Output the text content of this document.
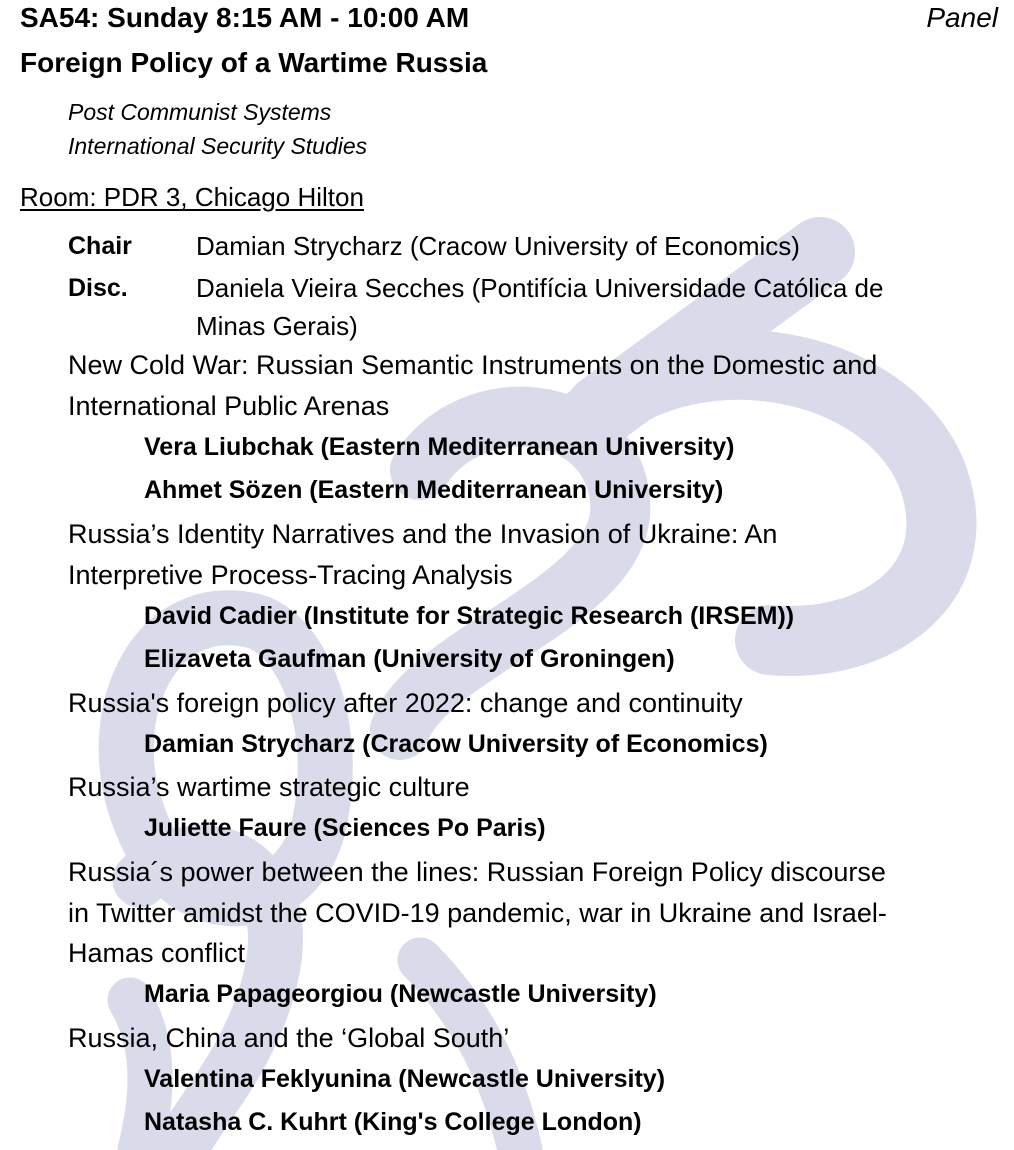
SA54: Sunday 8:15 AM - 10:00 AM	Panel
Foreign Policy of a Wartime Russia
Post Communist Systems
International Security Studies
Room: PDR 3, Chicago Hilton
Chair Damian Strycharz (Cracow University of Economics)
Disc.	Daniela Vieira Secches (Pontifícia Universidade Católica de
Minas Gerais)
New Cold War: Russian Semantic Instruments on the Domestic and
International Public Arenas
Vera Liubchak (Eastern Mediterranean University)
Ahmet Sözen (Eastern Mediterranean University)
Russia’s Identity Narratives and the Invasion of Ukraine: An
Interpretive Process-Tracing Analysis
David Cadier (Institute for Strategic Research (IRSEM))
Elizaveta Gaufman (University of Groningen)
Russia's foreign policy after 2022: change and continuity
Damian Strycharz (Cracow University of Economics)
Russia’s wartime strategic culture
Juliette Faure (Sciences Po Paris)
Russia´s power between the lines: Russian Foreign Policy discourse
in Twitter amidst the COVID-19 pandemic, war in Ukraine and Israel-
Hamas conflict
Maria Papageorgiou (Newcastle University)
Russia, China and the ‘Global South’
Valentina Feklyunina (Newcastle University)
Natasha C. Kuhrt (King's College London)
